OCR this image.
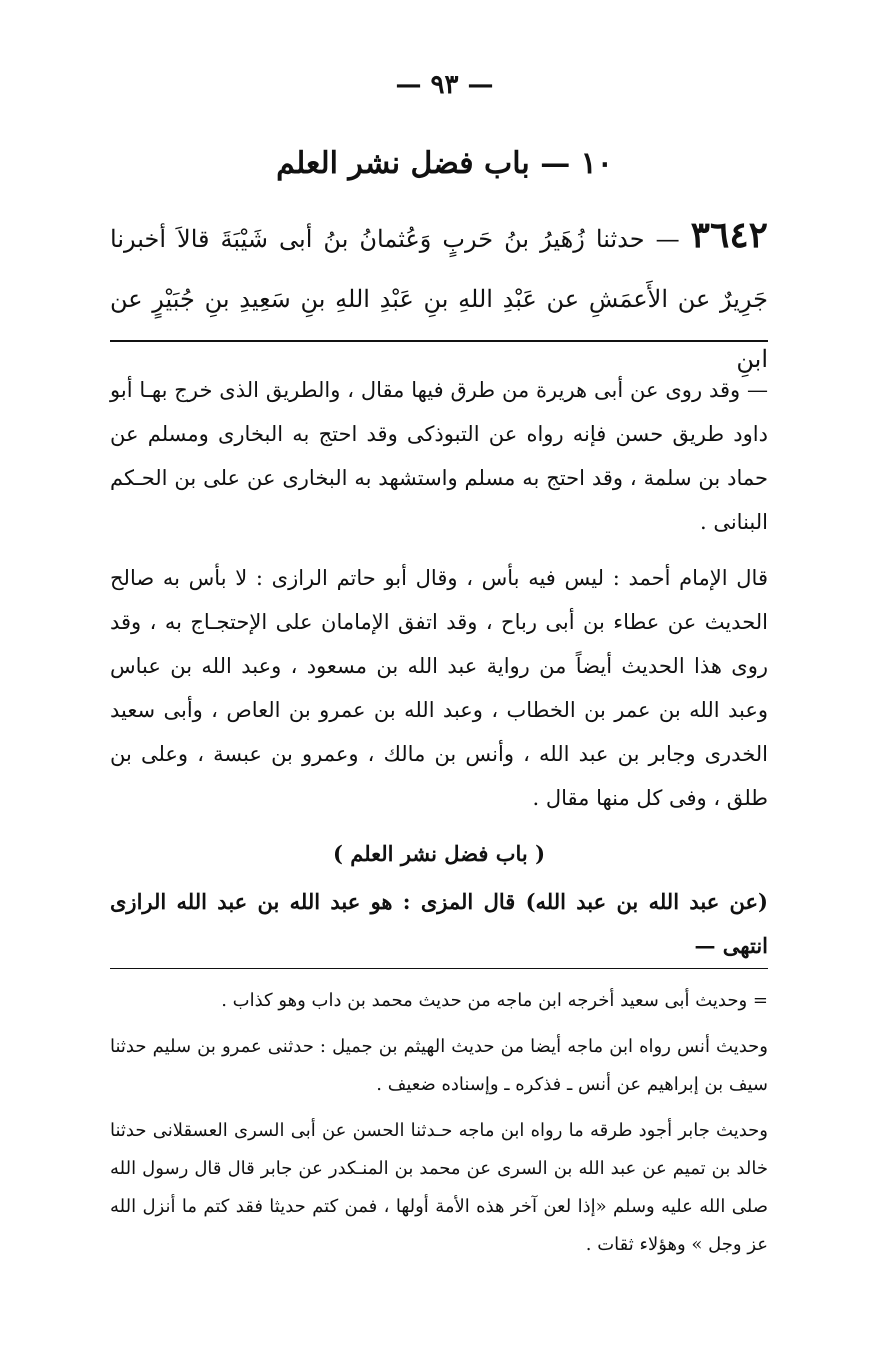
— ٩٣ —
١٠ — باب فضل نشر العلم
٣٦٤٢ — حدثنا زُهَيرُ بنُ حَربٍ وَعُثمانُ بنُ أبى شَيْبَةَ قالاَ أخبرنا جَرِيرٌ عن الأَعمَشِ عن عَبْدِ اللهِ بنِ عَبْدِ اللهِ بنِ سَعِيدِ بنِ جُبَيْرٍ عن ابنِ

— وقد روى عن أبى هريرة من طرق فيها مقال ، والطريق الذى خرج بهـا أبو داود طريق حسن فإنه رواه عن التبوذكى وقد احتج به البخارى ومسلم عن حماد بن سلمة ، وقد احتج به مسلم واستشهد به البخارى عن على بن الحـكم البنانى .

قال الإمام أحمد : ليس فيه بأس ، وقال أبو حاتم الرازى : لا بأس به صالح الحديث عن عطاء بن أبى رباح ، وقد اتفق الإمامان على الإحتجـاج به ، وقد روى هذا الحديث أيضاً من رواية عبد الله بن مسعود ، وعبد الله بن عباس وعبد الله بن عمر بن الخطاب ، وعبد الله بن عمرو بن العاص ، وأبى سعيد الخدرى وجابر بن عبد الله ، وأنس بن مالك ، وعمرو بن عبسة ، وعلى بن طلق ، وفى كل منها مقال .

( باب فضل نشر العلم )

(عن عبد الله بن عبد الله) قال المزى : هو عبد الله بن عبد الله الرازى انتهى —

= وحديث أبى سعيد أخرجه ابن ماجه من حديث محمد بن داب وهو كذاب .

وحديث أنس رواه ابن ماجه أيضا من حديث الهيثم بن جميل : حدثنى عمرو بن سليم حدثنا سيف بن إبراهيم عن أنس ـ فذكره ـ وإسناده ضعيف .

وحديث جابر أجود طرقه ما رواه ابن ماجه حـدثنا الحسن عن أبى السرى العسقلانى حدثنا خالد بن تميم عن عبد الله بن السرى عن محمد بن المنـكدر عن جابر قال قال رسول الله صلى الله عليه وسلم «إذا لعن آخر هذه الأمة أولها ، فمن كتم حديثا فقد كتم ما أنزل الله عز وجل » وهؤلاء ثقات .
